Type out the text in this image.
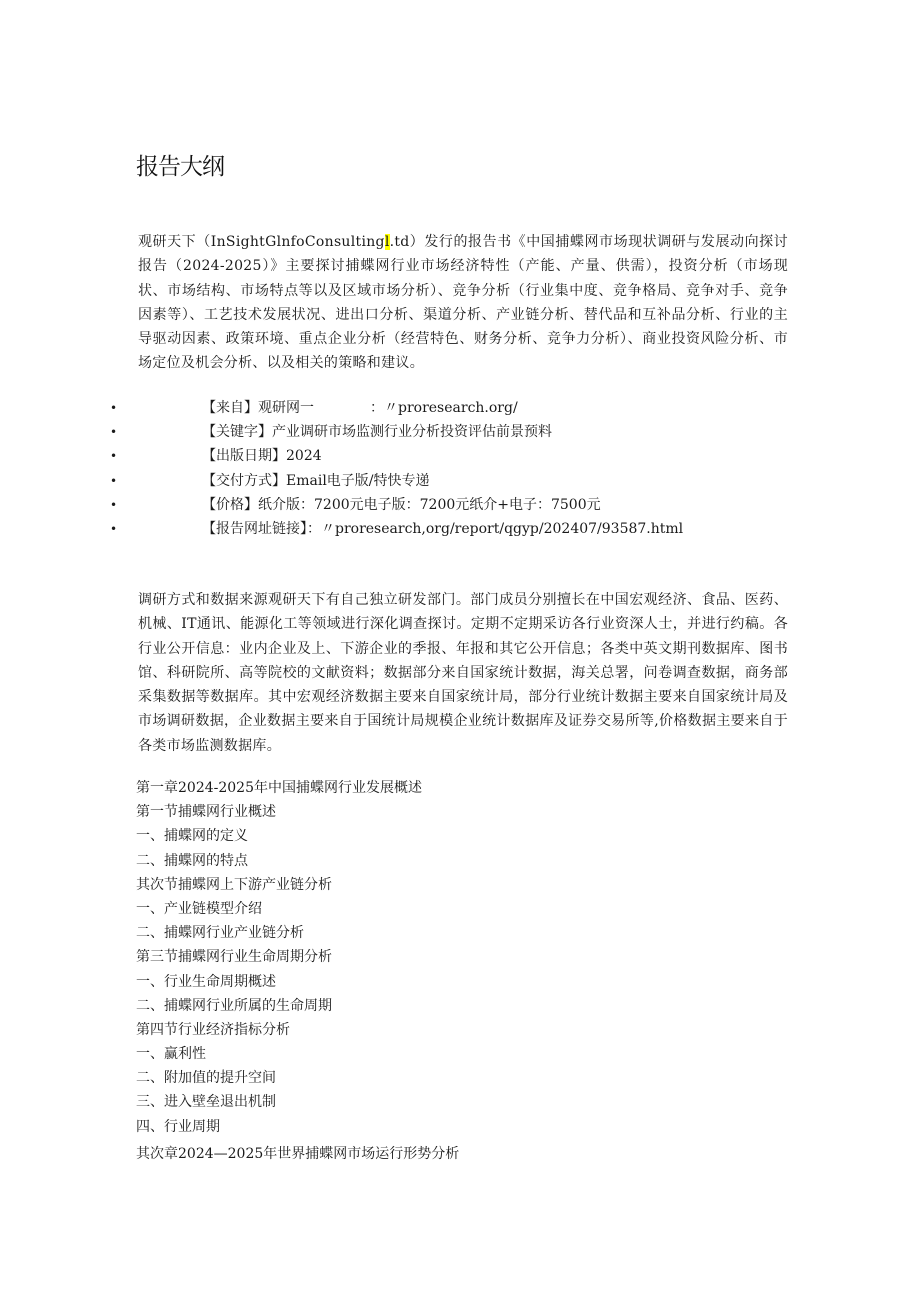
报告大纲
观研天下（InSightGlnfoConsultingl.td）发行的报告书《中国捕蝶网市场现状调研与发展动向探讨报告（2024-2025）》主要探讨捕蝶网行业市场经济特性（产能、产量、供需），投资分析（市场现状、市场结构、市场特点等以及区域市场分析）、竞争分析（行业集中度、竞争格局、竞争对手、竞争因素等）、工艺技术发展状况、进出口分析、渠道分析、产业链分析、替代品和互补品分析、行业的主导驱动因素、政策环境、重点企业分析（经营特色、财务分析、竞争力分析）、商业投资风险分析、市场定位及机会分析、以及相关的策略和建议。
•	【来自】观研网一　　　　：〃proresearch.org/
•	【关键字】产业调研市场监测行业分析投资评估前景预料
•	【出版日期】2024
•	【交付方式】Email电子版/特快专递
•	【价格】纸介版：7200元电子版：7200元纸介+电子：7500元
•	【报告网址链接】：〃proresearch,org/report/qgyp/202407/93587.html
调研方式和数据来源观研天下有自己独立研发部门。部门成员分别擅长在中国宏观经济、食品、医药、机械、IT通讯、能源化工等领域进行深化调查探讨。定期不定期采访各行业资深人士，并进行约稿。各行业公开信息：业内企业及上、下游企业的季报、年报和其它公开信息；各类中英文期刊数据库、图书馆、科研院所、高等院校的文献资料；数据部分来自国家统计数据，海关总署，问卷调查数据，商务部采集数据等数据库。其中宏观经济数据主要来自国家统计局，部分行业统计数据主要来自国家统计局及市场调研数据，企业数据主要来自于国统计局规模企业统计数据库及证券交易所等,价格数据主要来自于各类市场监测数据库。
第一章2024-2025年中国捕蝶网行业发展概述
第一节捕蝶网行业概述
一、捕蝶网的定义
二、捕蝶网的特点
其次节捕蝶网上下游产业链分析
一、产业链模型介绍
二、捕蝶网行业产业链分析
第三节捕蝶网行业生命周期分析
一、行业生命周期概述
二、捕蝶网行业所属的生命周期
第四节行业经济指标分析
一、赢利性
二、附加值的提升空间
三、进入壁垒退出机制
四、行业周期
其次章2024—2025年世界捕蝶网市场运行形势分析
